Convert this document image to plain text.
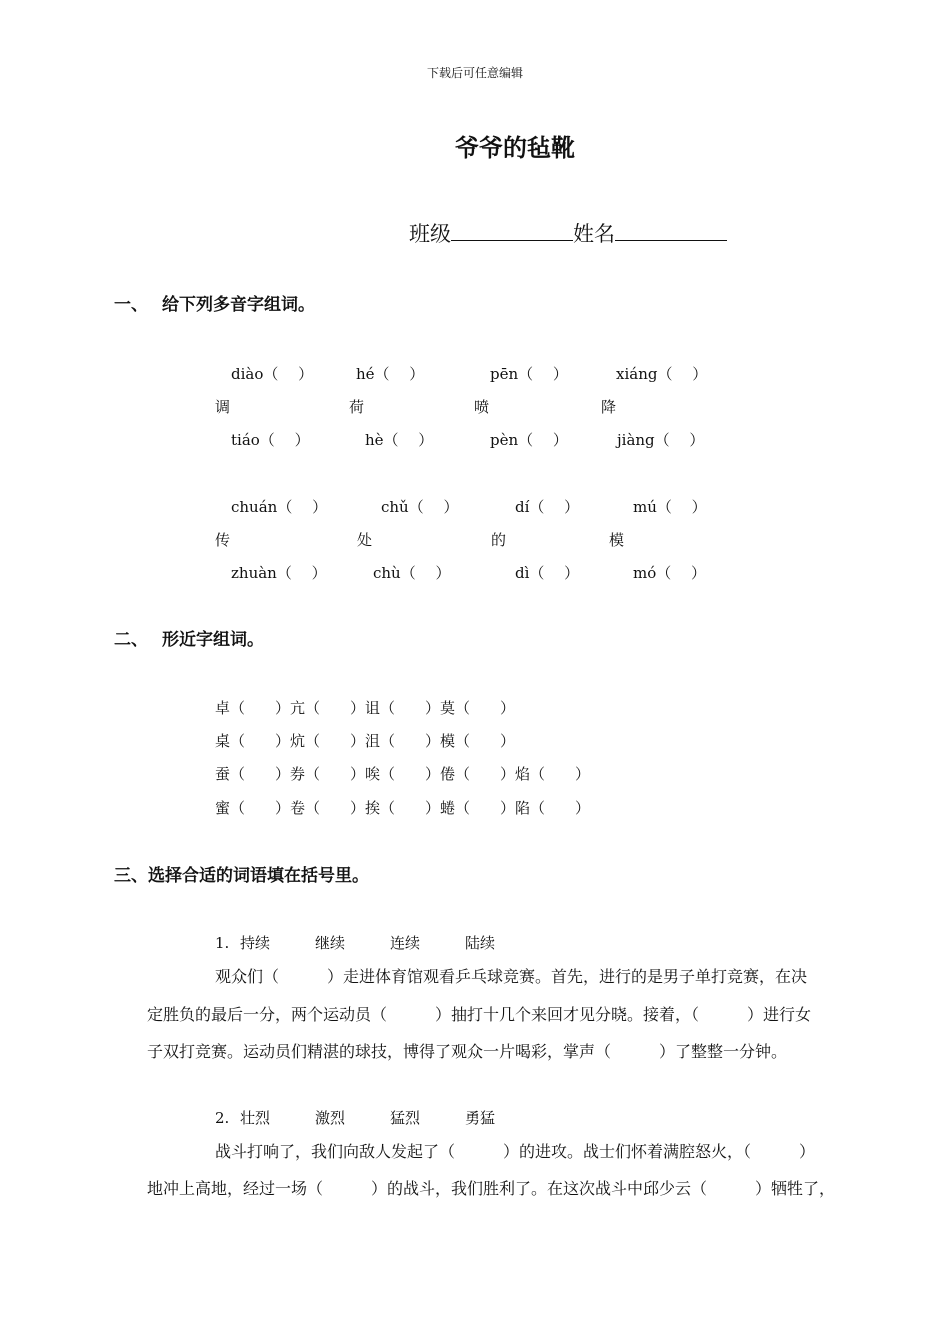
下载后可任意编辑
爷爷的毡靴
班级	姓名
一、 给下列多音字组词。
diào（　 ）	hé（　 ）	pēn（　 ）	xiáng（　 ）
调	荷	喷	降
tiáo（　 ）	hè（　 ）	pèn（　 ）	jiàng（　 ）
chuán（　 ）	chǔ（　 ）	dí（　 ）	mú（　 ）
传	处	的	模
zhuàn（　 ）	chù（　 ）	dì（　 ）	mó（　 ）
二、 形近字组词。
卓（　　）亢（　　）诅（　　）莫（　　）
桌（　　）炕（　　）沮（　　）模（　　）
蚕（　　）券（　　）唉（　　）倦（　　）焰（　　）
蜜（　　）卷（　　）挨（　　）蜷（　　）陷（　　）
三、选择合适的词语填在括号里。
1. 持续	继续	连续	陆续
观众们（　　　）走进体育馆观看乒乓球竞赛。首先，进行的是男子单打竞赛，在决
定胜负的最后一分，两个运动员（　　　）抽打十几个来回才见分晓。接着，（　　　）进行女
子双打竞赛。运动员们精湛的球技，博得了观众一片喝彩，掌声（　　　）了整整一分钟。
2. 壮烈	激烈	猛烈	勇猛
战斗打响了，我们向敌人发起了（　　　）的进攻。战士们怀着满腔怒火，（　　　）
地冲上高地，经过一场（　　　）的战斗，我们胜利了。在这次战斗中邱少云（　　　）牺牲了，
